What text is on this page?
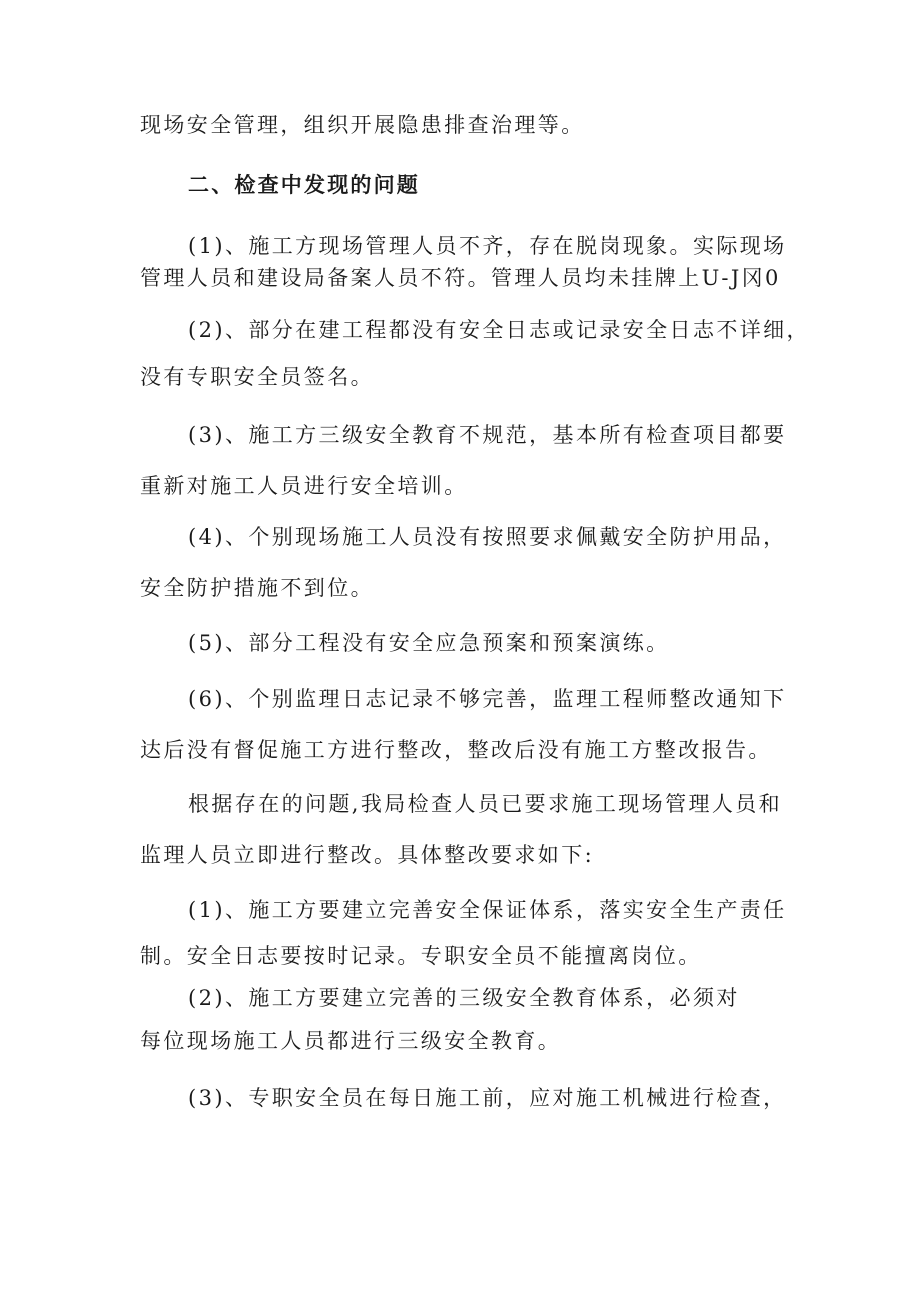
现场安全管理，组织开展隐患排查治理等。
二、检查中发现的问题
(1)、施工方现场管理人员不齐，存在脱岗现象。实际现场
管理人员和建设局备案人员不符。管理人员均未挂牌上U-J冈0
(2)、部分在建工程都没有安全日志或记录安全日志不详细，
没有专职安全员签名。
(3)、施工方三级安全教育不规范，基本所有检查项目都要
重新对施工人员进行安全培训。
(4)、个别现场施工人员没有按照要求佩戴安全防护用品，
安全防护措施不到位。
(5)、部分工程没有安全应急预案和预案演练。
(6)、个别监理日志记录不够完善，监理工程师整改通知下
达后没有督促施工方进行整改，整改后没有施工方整改报告。
根据存在的问题,我局检查人员已要求施工现场管理人员和
监理人员立即进行整改。具体整改要求如下:
(1)、施工方要建立完善安全保证体系，落实安全生产责任
制。安全日志要按时记录。专职安全员不能擅离岗位。
(2)、施工方要建立完善的三级安全教育体系，必须对
每位现场施工人员都进行三级安全教育。
(3)、专职安全员在每日施工前，应对施工机械进行检查，
